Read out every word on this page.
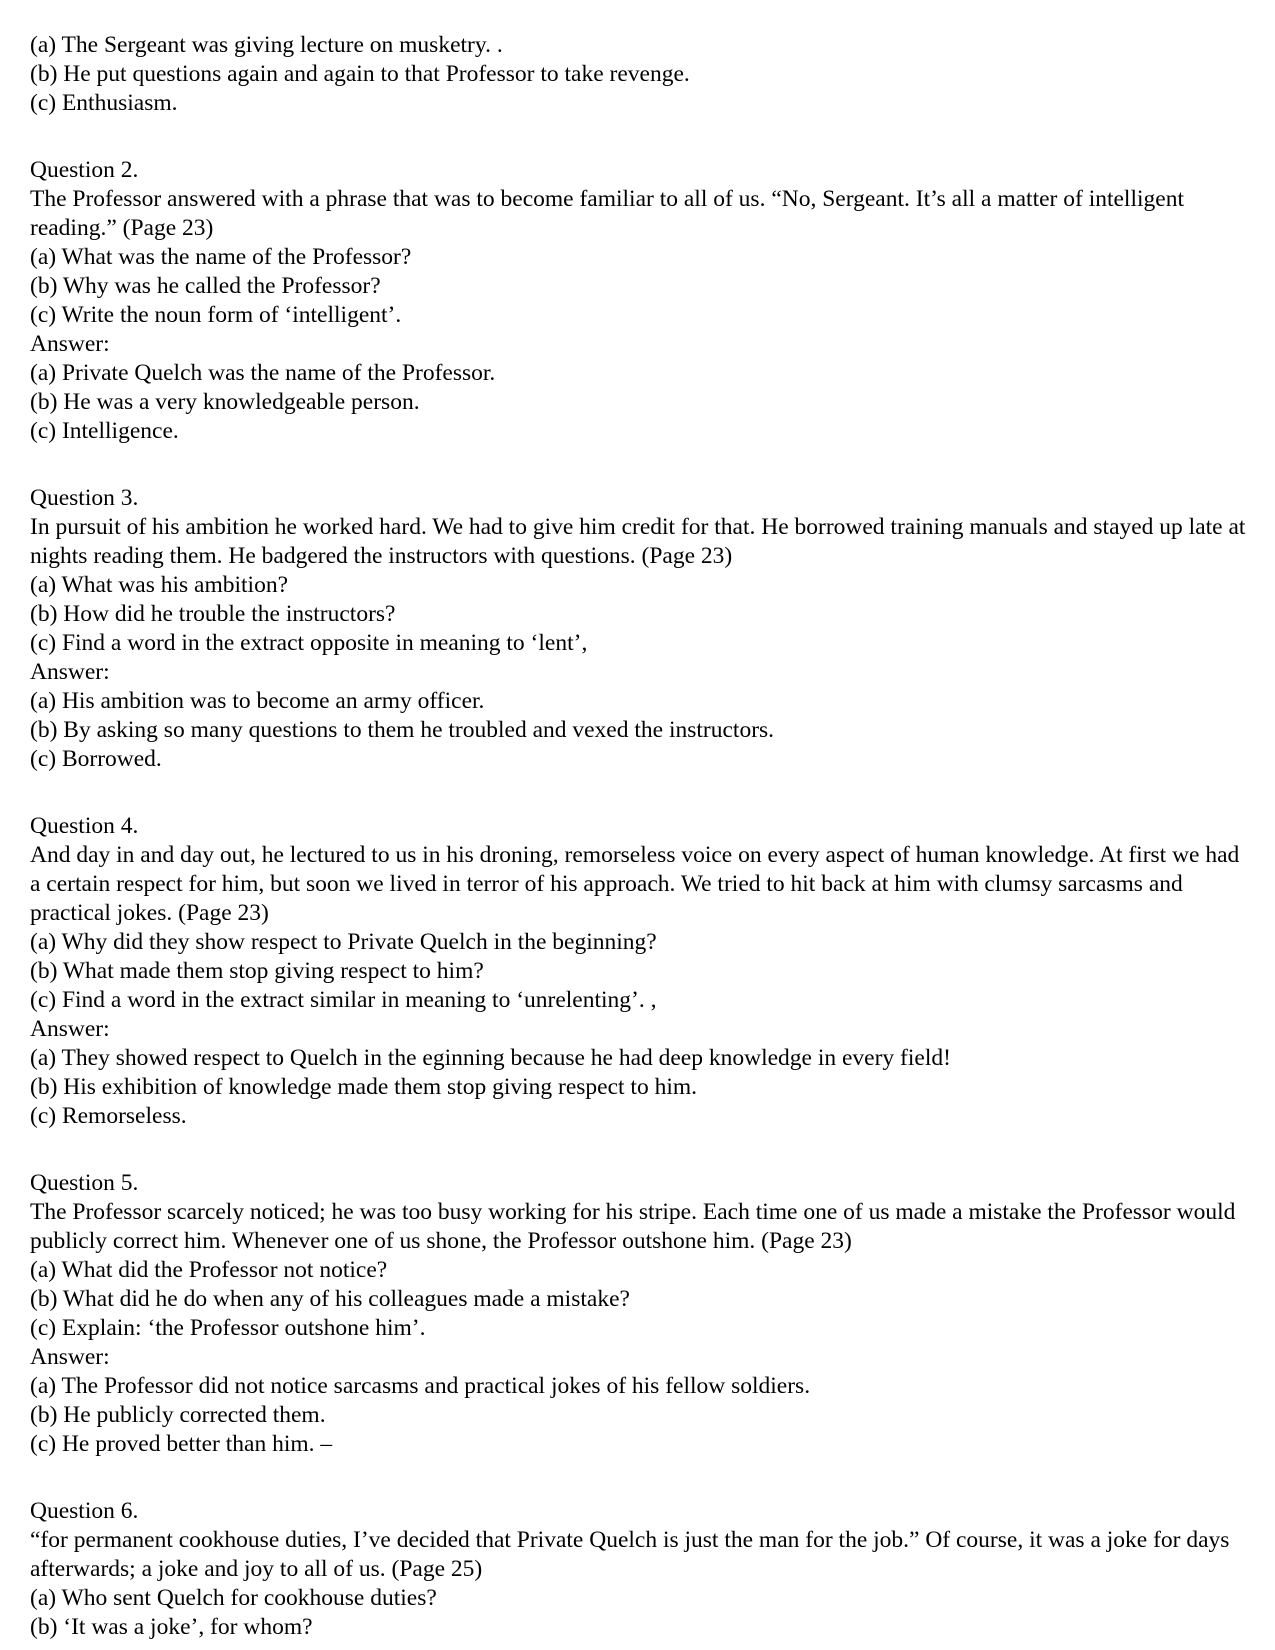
(a) The Sergeant was giving lecture on musketry. .
(b) He put questions again and again to that Professor to take revenge.
(c) Enthusiasm.
Question 2.
The Professor answered with a phrase that was to become familiar to all of us. “No, Sergeant. It’s all a matter of intelligent reading.” (Page 23)
(a) What was the name of the Professor?
(b) Why was he called the Professor?
(c) Write the noun form of ‘intelligent’.
Answer:
(a) Private Quelch was the name of the Professor.
(b) He was a very knowledgeable person.
(c) Intelligence.
Question 3.
In pursuit of his ambition he worked hard. We had to give him credit for that. He borrowed training manuals and stayed up late at nights reading them. He badgered the instructors with questions. (Page 23)
(a) What was his ambition?
(b) How did he trouble the instructors?
(c) Find a word in the extract opposite in meaning to ‘lent’,
Answer:
(a) His ambition was to become an army officer.
(b) By asking so many questions to them he troubled and vexed the instructors.
(c) Borrowed.
Question 4.
And day in and day out, he lectured to us in his droning, remorseless voice on every aspect of human knowledge. At first we had a certain respect for him, but soon we lived in terror of his approach. We tried to hit back at him with clumsy sarcasms and practical jokes. (Page 23)
(a) Why did they show respect to Private Quelch in the beginning?
(b) What made them stop giving respect to him?
(c) Find a word in the extract similar in meaning to ‘unrelenting’. ,
Answer:
(a) They showed respect to Quelch in the eginning because he had deep knowledge in every field!
(b) His exhibition of knowledge made them stop giving respect to him.
(c) Remorseless.
Question 5.
The Professor scarcely noticed; he was too busy working for his stripe. Each time one of us made a mistake the Professor would publicly correct him. Whenever one of us shone, the Professor outshone him. (Page 23)
(a) What did the Professor not notice?
(b) What did he do when any of his colleagues made a mistake?
(c) Explain: ‘the Professor outshone him’.
Answer:
(a) The Professor did not notice sarcasms and practical jokes of his fellow soldiers.
(b) He publicly corrected them.
(c) He proved better than him. –
Question 6.
“for permanent cookhouse duties, I’ve decided that Private Quelch is just the man for the job.” Of course, it was a joke for days afterwards; a joke and joy to all of us. (Page 25)
(a) Who sent Quelch for cookhouse duties?
(b) ‘It was a joke’, for whom?
